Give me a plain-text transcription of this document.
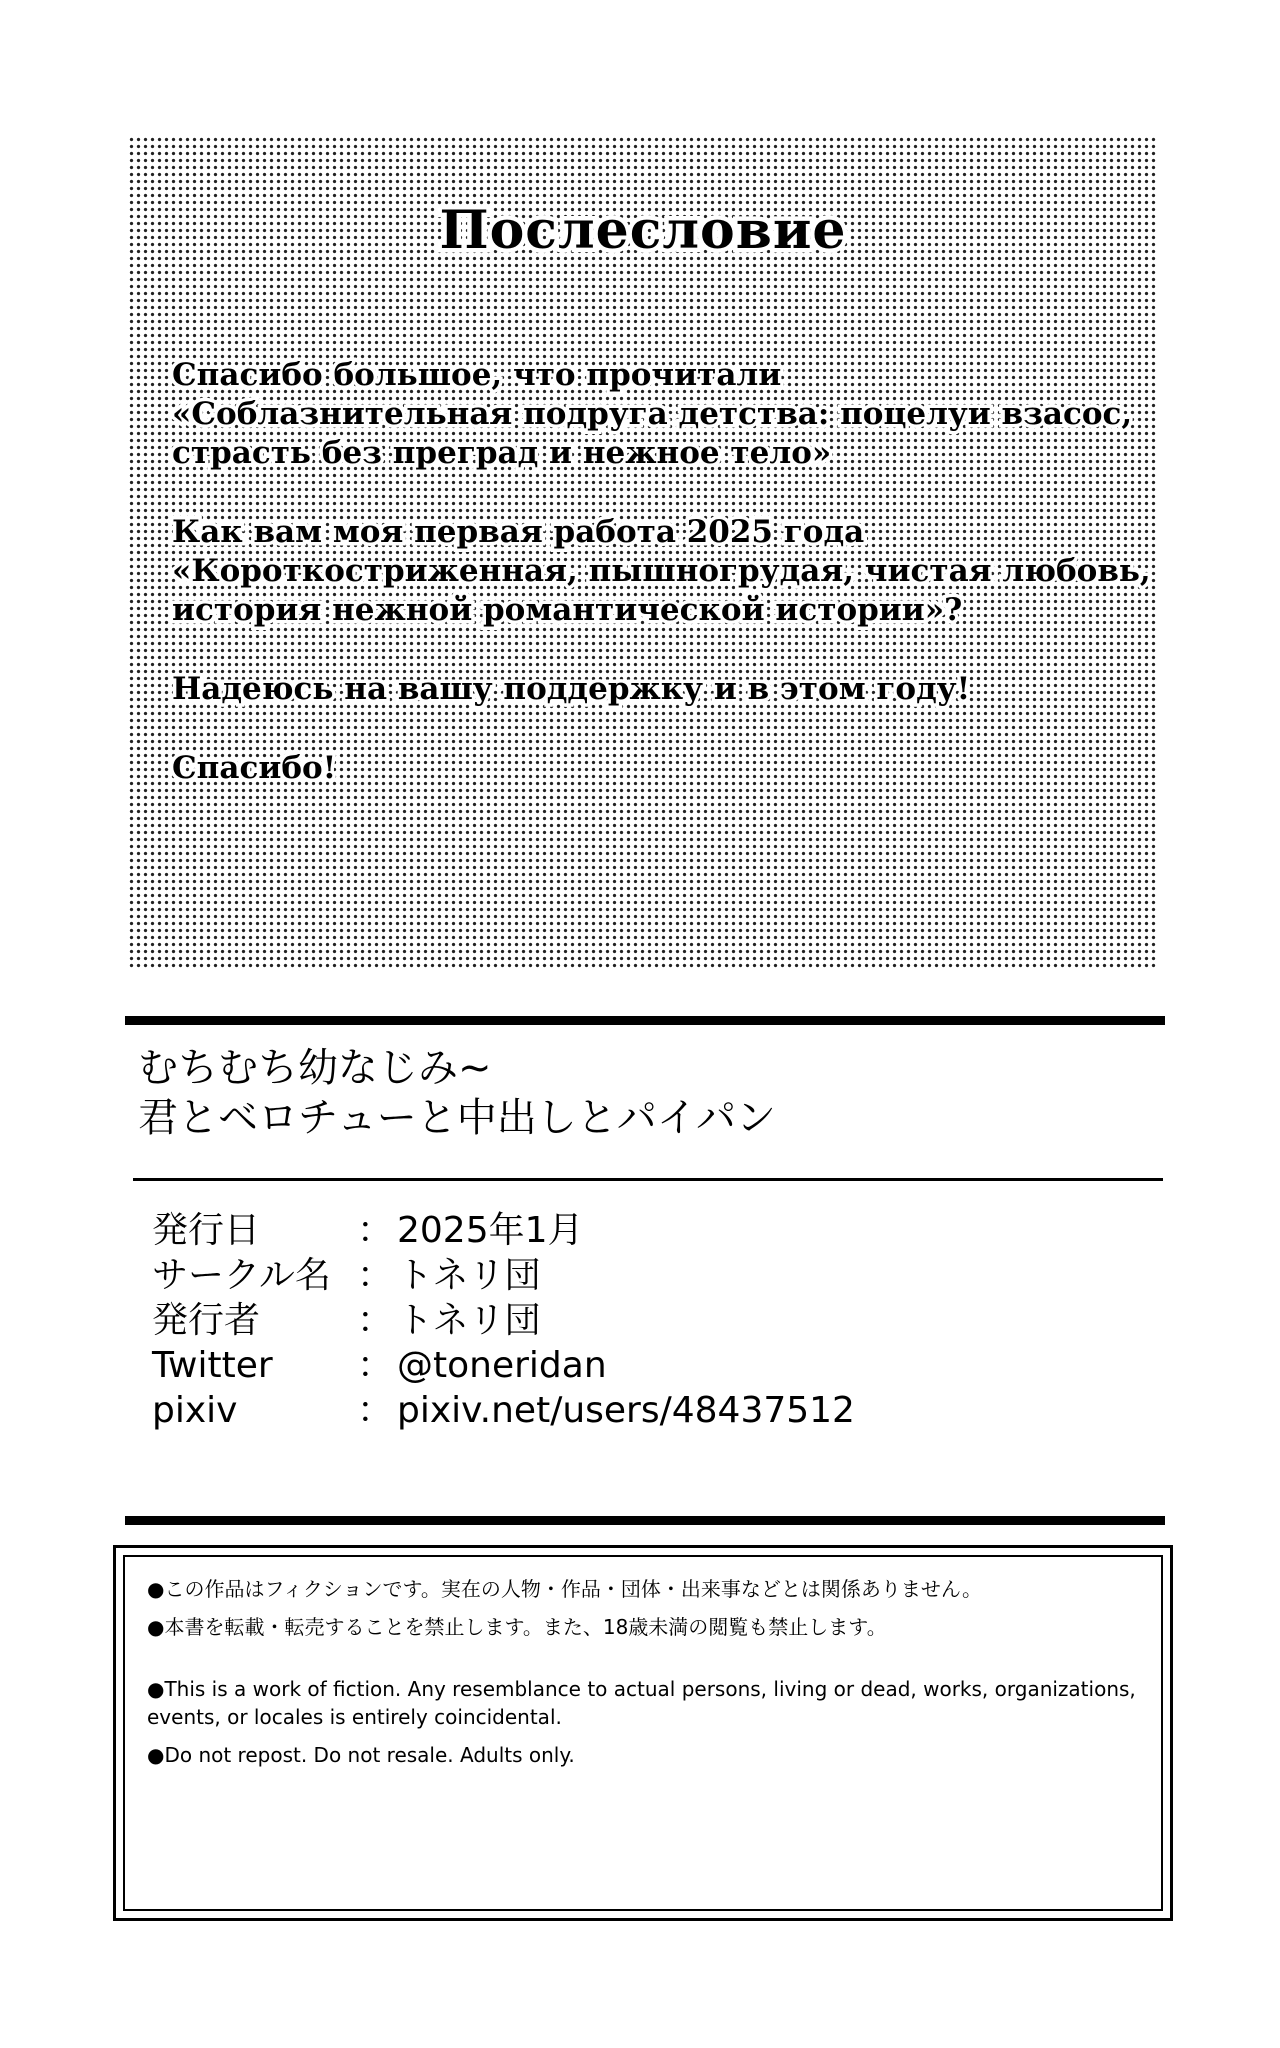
Послесловие
Спасибо большое, что прочитали
«Соблазнительная подруга детства: поцелуи взасос,
страсть без преград и нежное тело»
Как вам моя первая работа 2025 года
«Короткостриженная, пышногрудая, чистая любовь,
история нежной романтической истории»?
Надеюсь на вашу поддержку и в этом году!
Спасибо!
むちむち幼なじみ~
君とベロチューと中出しとパイパン
発行日	： 2025年1月
サークル名 ： トネリ団
発行者	： トネリ団
Twitter ： @toneridan
pixiv	： pixiv.net/users/48437512
●この作品はフィクションです。実在の人物・作品・団体・出来事などとは関係ありません。
●本書を転載・転売することを禁止します。また、18歳未満の閲覧も禁止します。
●This is a work of fiction. Any resemblance to actual persons, living or dead, works, organizations, events, or locales is entirely coincidental.
●Do not repost. Do not resale. Adults only.
